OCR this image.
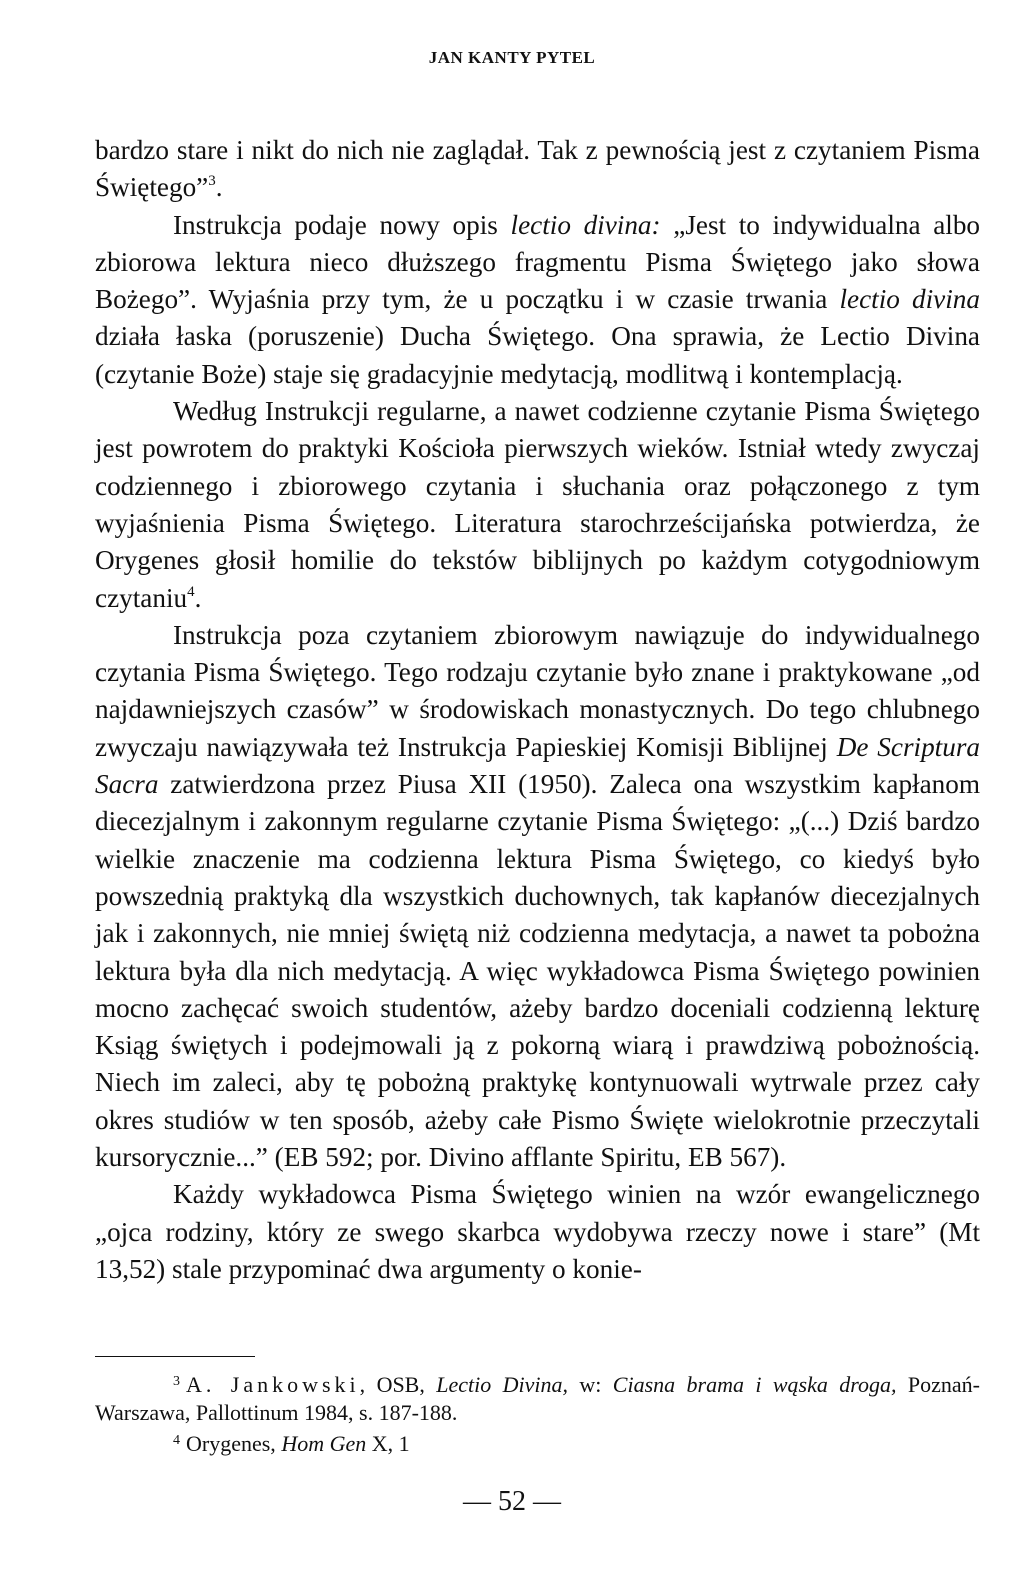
JAN KANTY PYTEL

bardzo stare i nikt do nich nie zaglądał. Tak z pewnością jest z czytaniem Pisma Świętego”$^3$.

Instrukcja podaje nowy opis lectio divina: „Jest to indywidualna albo zbiorowa lektura nieco dłuższego fragmentu Pisma Świętego jako słowa Bożego”. Wyjaśnia przy tym, że u początku i w czasie trwania lectio divina działa łaska (poruszenie) Ducha Świętego. Ona sprawia, że Lectio Divina (czytanie Boże) staje się gradacyjnie medytacją, modlitwą i kontemplacją.

Według Instrukcji regularne, a nawet codzienne czytanie Pisma Świętego jest powrotem do praktyki Kościoła pierwszych wieków. Istniał wtedy zwyczaj codziennego i zbiorowego czytania i słuchania oraz połączonego z tym wyjaśnienia Pisma Świętego. Literatura starochrześcijańska potwierdza, że Orygenes głosił homilie do tekstów biblijnych po każdym cotygodniowym czytaniu$^4$.

Instrukcja poza czytaniem zbiorowym nawiązuje do indywidualnego czytania Pisma Świętego. Tego rodzaju czytanie było znane i praktykowane „od najdawniejszych czasów” w środowiskach monastycznych. Do tego chlubnego zwyczaju nawiązywała też Instrukcja Papieskiej Komisji Biblijnej De Scriptura Sacra zatwierdzona przez Piusa XII (1950). Zaleca ona wszystkim kapłanom diecezjalnym i zakonnym regularne czytanie Pisma Świętego: „(...) Dziś bardzo wielkie znaczenie ma codzienna lektura Pisma Świętego, co kiedyś było powszednią praktyką dla wszystkich duchownych, tak kapłanów diecezjalnych jak i zakonnych, nie mniej świętą niż codzienna medytacja, a nawet ta pobożna lektura była dla nich medytacją. A więc wykładowca Pisma Świętego powinien mocno zachęcać swoich studentów, ażeby bardzo doceniali codzienną lekturę Ksiąg świętych i podejmowali ją z pokorną wiarą i prawdziwą pobożnością. Niech im zaleci, aby tę pobożną praktykę kontynuowali wytrwale przez cały okres studiów w ten sposób, ażeby całe Pismo Święte wielokrotnie przeczytali kursorycznie...” (EB 592; por. Divino afflante Spiritu, EB 567).

Każdy wykładowca Pisma Świętego winien na wzór ewangelicznego „ojca rodziny, który ze swego skarbca wydobywa rzeczy nowe i stare” (Mt 13,52) stale przypominać dwa argumenty o konie-

$^3$ A. Jankowski, OSB, Lectio Divina, w: Ciasna brama i wąska droga, Poznań-Warszawa, Pallottinum 1984, s. 187-188.

$^4$ Orygenes, Hom Gen X, 1

— 52 —
